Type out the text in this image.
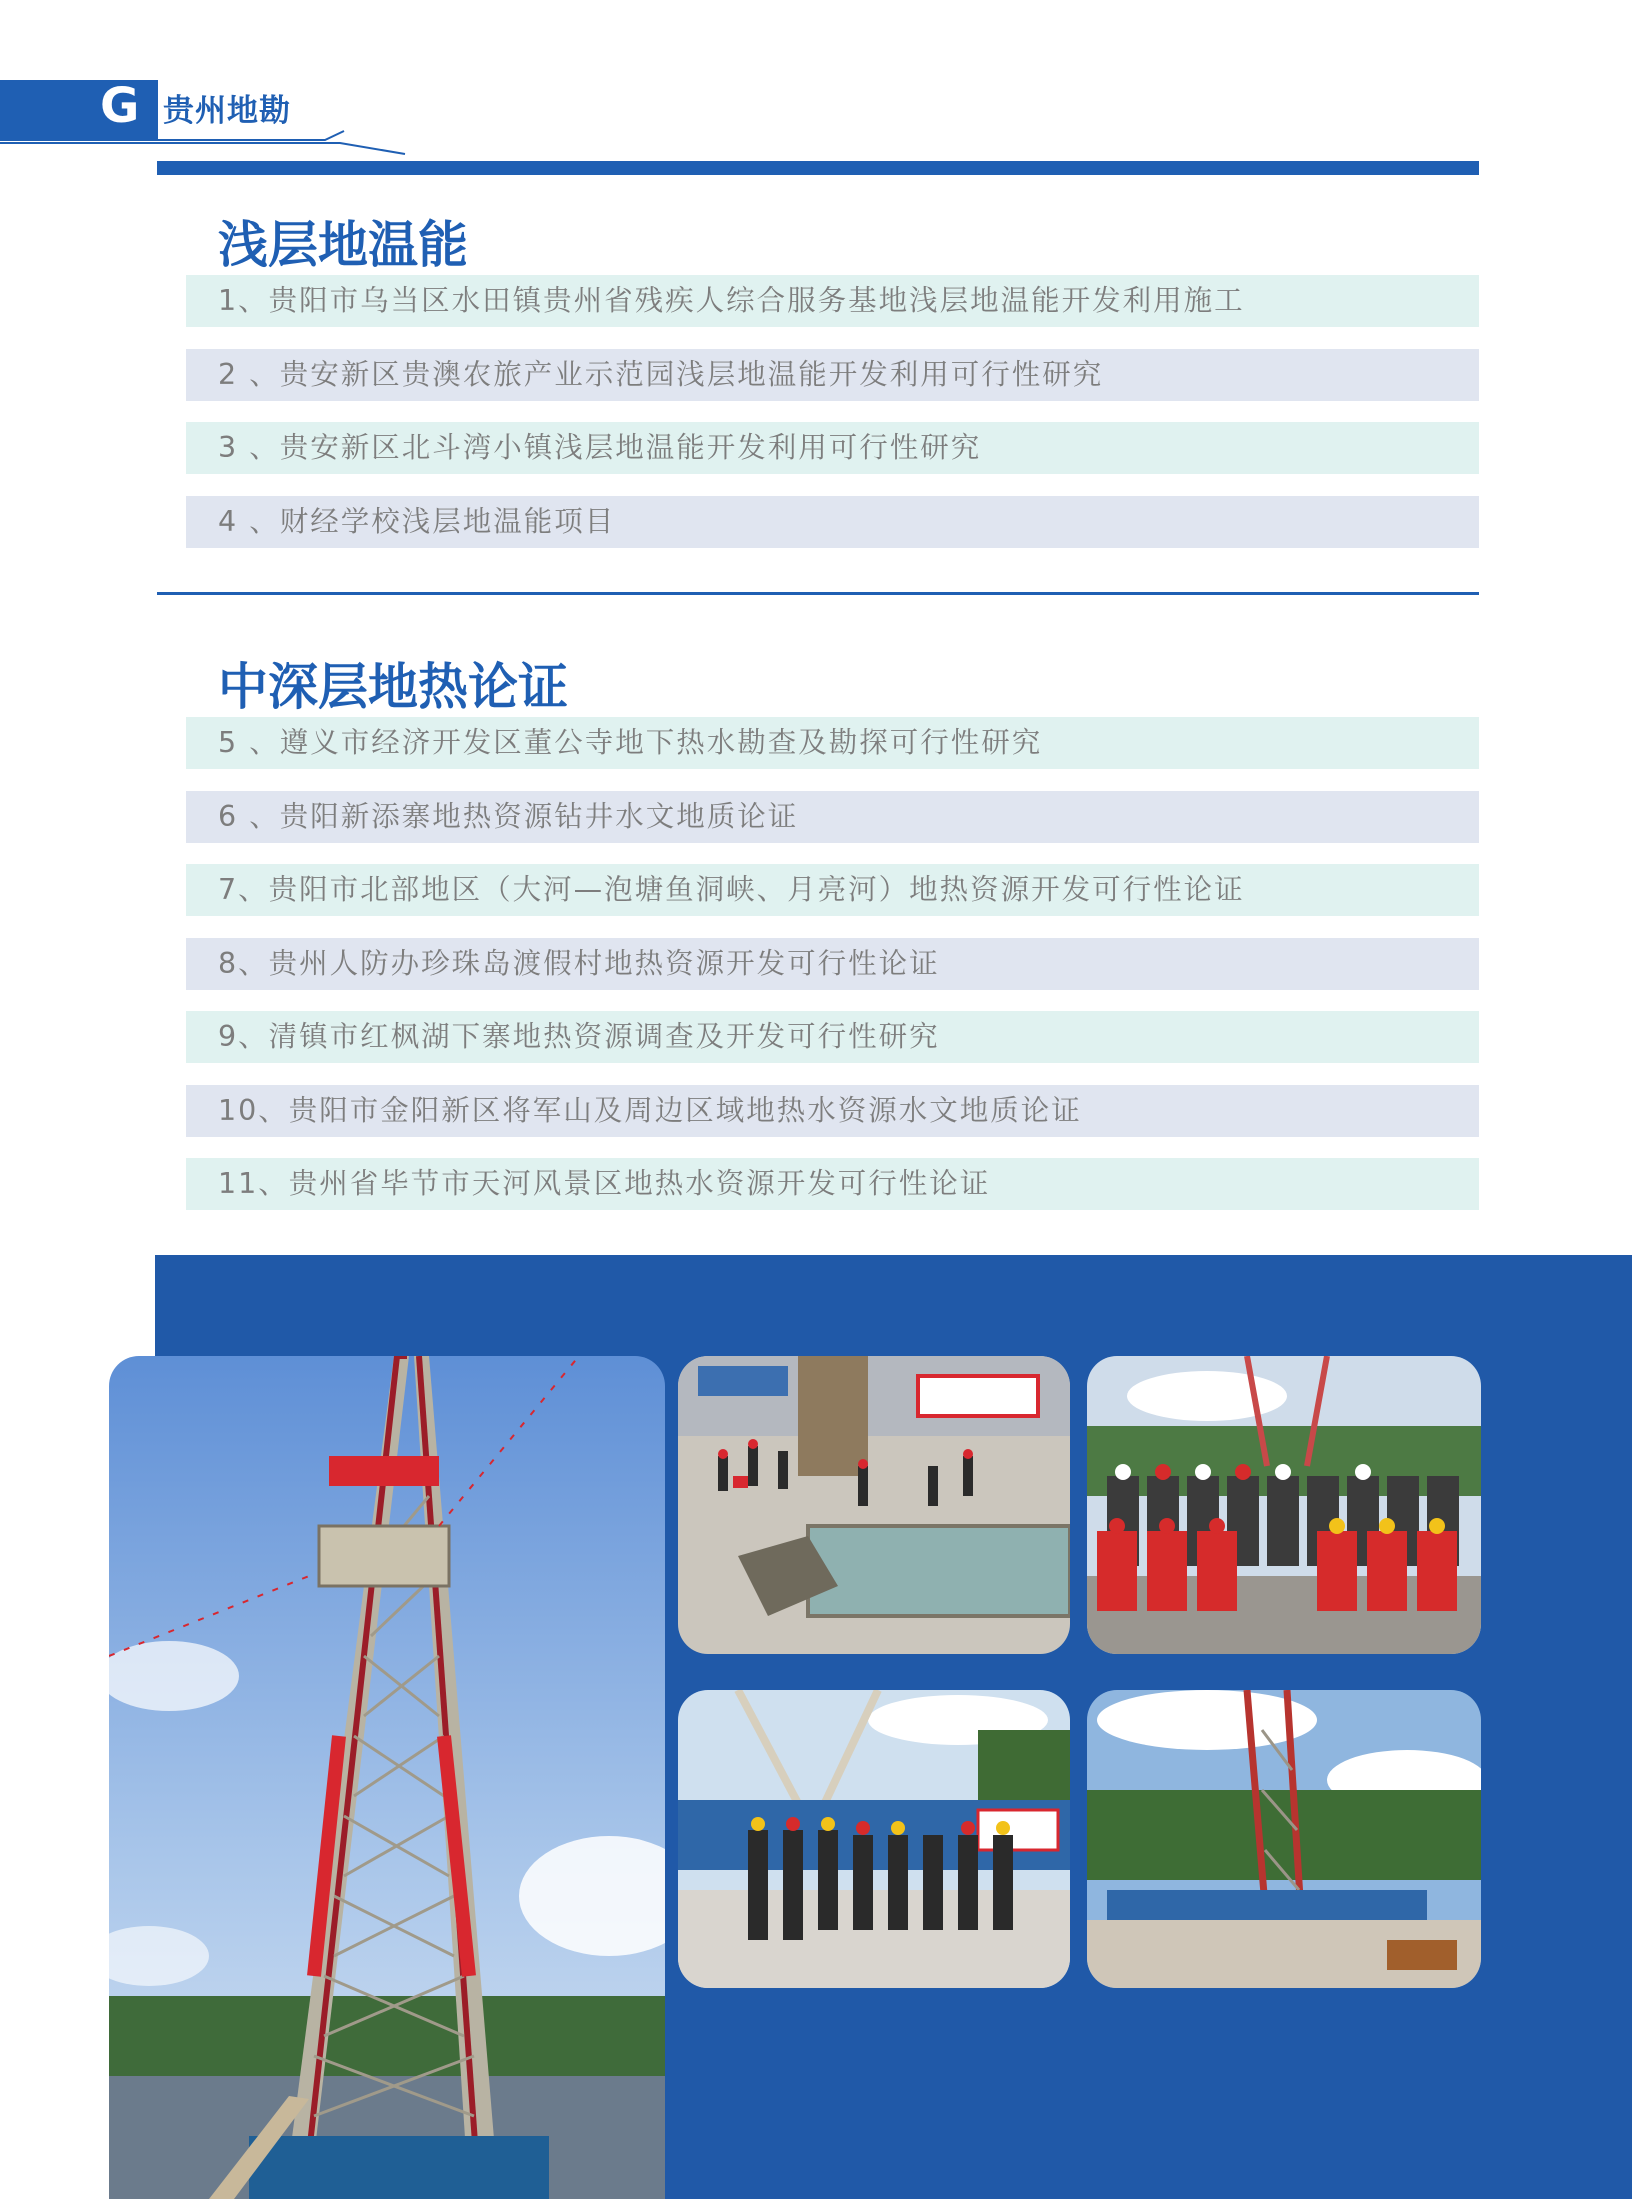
G 贵州地勘
浅层地温能
1、贵阳市乌当区水田镇贵州省残疾人综合服务基地浅层地温能开发利用施工
2 、贵安新区贵澳农旅产业示范园浅层地温能开发利用可行性研究
3 、贵安新区北斗湾小镇浅层地温能开发利用可行性研究
4 、财经学校浅层地温能项目
中深层地热论证
5 、遵义市经济开发区董公寺地下热水勘查及勘探可行性研究
6 、贵阳新添寨地热资源钻井水文地质论证
7、贵阳市北部地区（大河—泡塘鱼洞峡、月亮河）地热资源开发可行性论证
8、贵州人防办珍珠岛渡假村地热资源开发可行性论证
9、清镇市红枫湖下寨地热资源调查及开发可行性研究
10、贵阳市金阳新区将军山及周边区域地热水资源水文地质论证
11、贵州省毕节市天河风景区地热水资源开发可行性论证
